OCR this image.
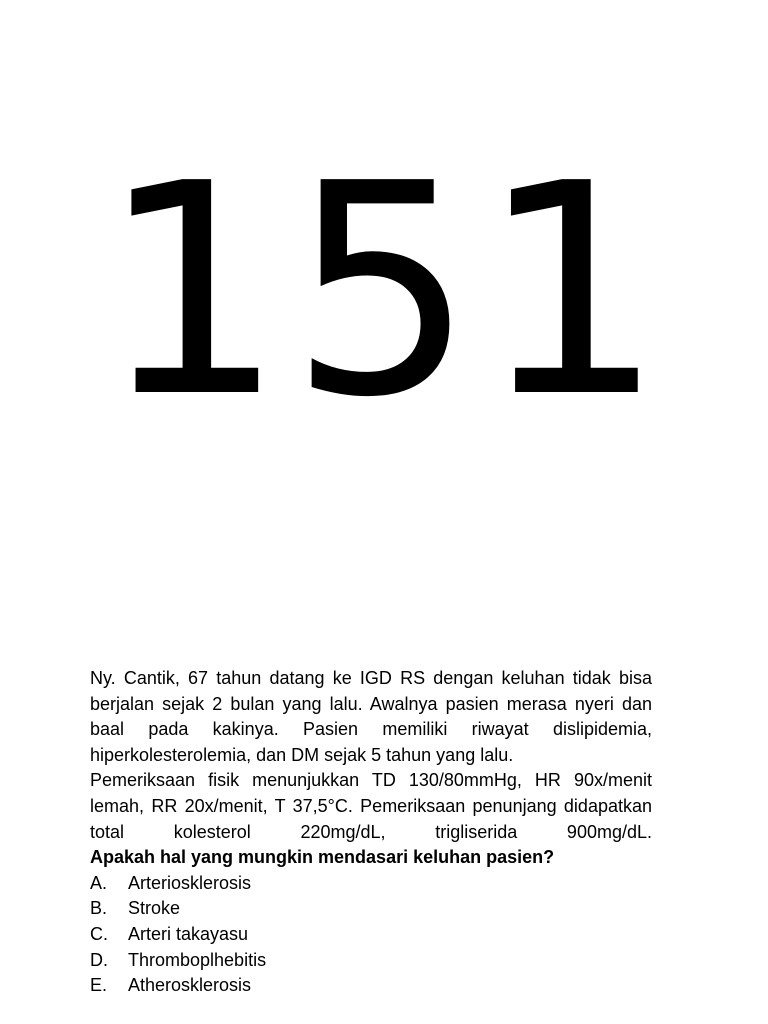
151

Ny. Cantik, 67 tahun datang ke IGD RS dengan keluhan tidak bisa berjalan sejak 2 bulan yang lalu. Awalnya pasien merasa nyeri dan baal pada kakinya. Pasien memiliki riwayat dislipidemia, hiperkolesterolemia, dan DM sejak 5 tahun yang lalu.

Pemeriksaan fisik menunjukkan TD 130/80mmHg, HR 90x/menit lemah, RR 20x/menit, T 37,5°C. Pemeriksaan penunjang didapatkan total kolesterol 220mg/dL, trigliserida 900mg/dL.

Apakah hal yang mungkin mendasari keluhan pasien?

A.	Arteriosklerosis
B.	Stroke
C.	Arteri takayasu
D.	Thromboplhebitis
E.	Atherosklerosis
